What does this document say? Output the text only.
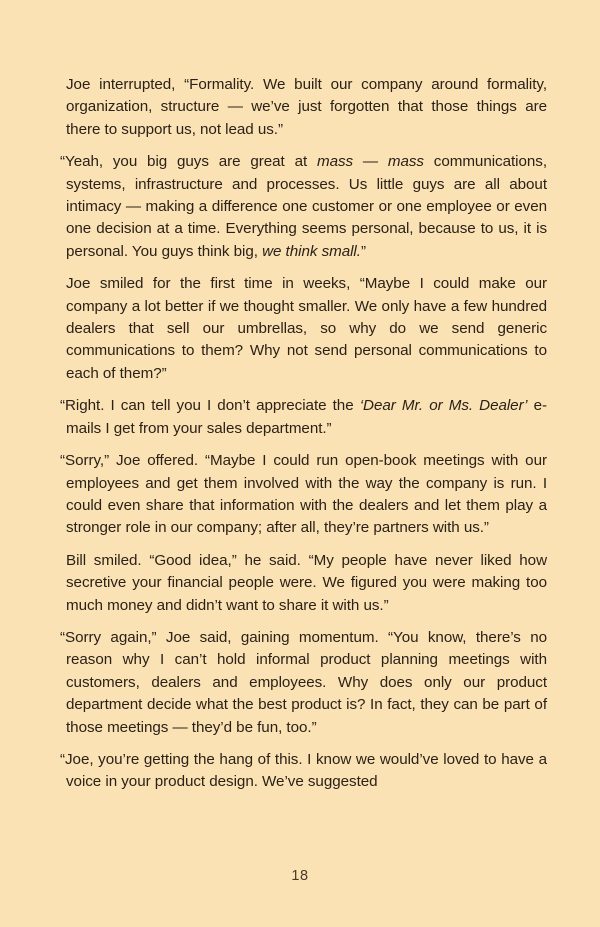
Joe interrupted, “Formality. We built our company around formality, organization, structure — we’ve just forgotten that those things are there to support us, not lead us.”

“Yeah, you big guys are great at mass — mass communications, systems, infrastructure and processes. Us little guys are all about intimacy — making a difference one customer or one employee or even one decision at a time. Everything seems personal, because to us, it is personal. You guys think big, we think small.”

Joe smiled for the first time in weeks, “Maybe I could make our company a lot better if we thought smaller. We only have a few hundred dealers that sell our umbrellas, so why do we send generic communications to them? Why not send personal communications to each of them?”

“Right. I can tell you I don’t appreciate the ‘Dear Mr. or Ms. Dealer’ e-mails I get from your sales department.”

“Sorry,” Joe offered. “Maybe I could run open-book meetings with our employees and get them involved with the way the company is run. I could even share that information with the dealers and let them play a stronger role in our company; after all, they’re partners with us.”

Bill smiled. “Good idea,” he said. “My people have never liked how secretive your financial people were. We figured you were making too much money and didn’t want to share it with us.”

“Sorry again,” Joe said, gaining momentum. “You know, there’s no reason why I can’t hold informal product planning meetings with customers, dealers and employees. Why does only our product department decide what the best product is? In fact, they can be part of those meetings — they’d be fun, too.”

“Joe, you’re getting the hang of this. I know we would’ve loved to have a voice in your product design. We’ve suggested

18
